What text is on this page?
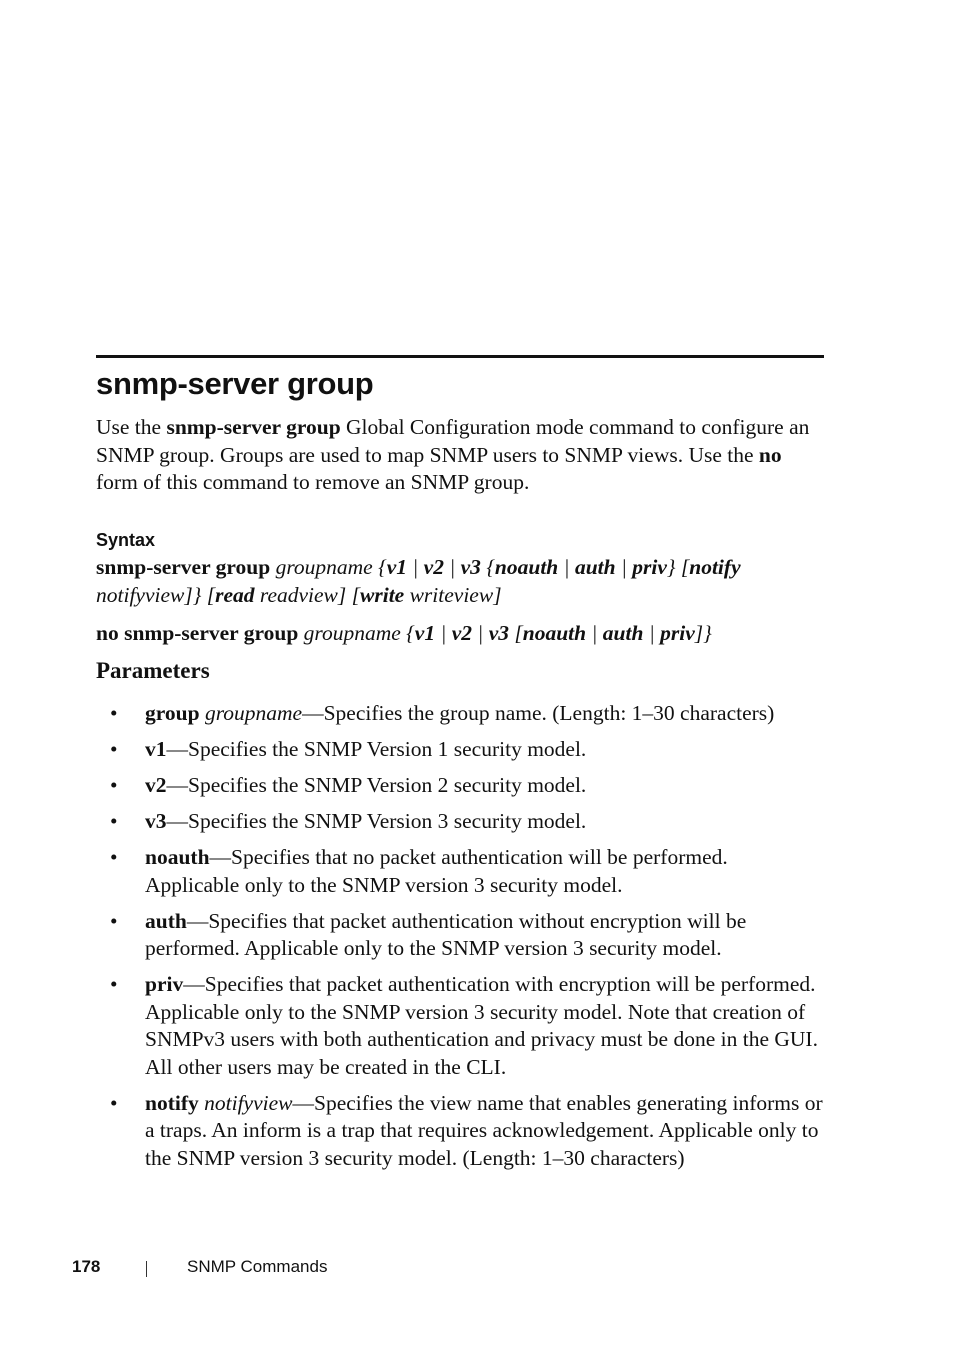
snmp-server group

Use the snmp-server group Global Configuration mode command to configure an SNMP group. Groups are used to map SNMP users to SNMP views. Use the no form of this command to remove an SNMP group.

Syntax

snmp-server group groupname {v1 | v2 | v3 {noauth | auth | priv} [notify notifyview]} [read readview] [write writeview]

no snmp-server group groupname {v1 | v2 | v3 [noauth | auth | priv]}

Parameters
• group groupname—Specifies the group name. (Length: 1–30 characters)
• v1—Specifies the SNMP Version 1 security model.
• v2—Specifies the SNMP Version 2 security model.
• v3—Specifies the SNMP Version 3 security model.
• noauth—Specifies that no packet authentication will be performed. Applicable only to the SNMP version 3 security model.
• auth—Specifies that packet authentication without encryption will be performed. Applicable only to the SNMP version 3 security model.
• priv—Specifies that packet authentication with encryption will be performed. Applicable only to the SNMP version 3 security model. Note that creation of SNMPv3 users with both authentication and privacy must be done in the GUI. All other users may be created in the CLI.
• notify notifyview—Specifies the view name that enables generating informs or a traps. An inform is a trap that requires acknowledgement. Applicable only to the SNMP version 3 security model. (Length: 1–30 characters)
178	SNMP Commands
